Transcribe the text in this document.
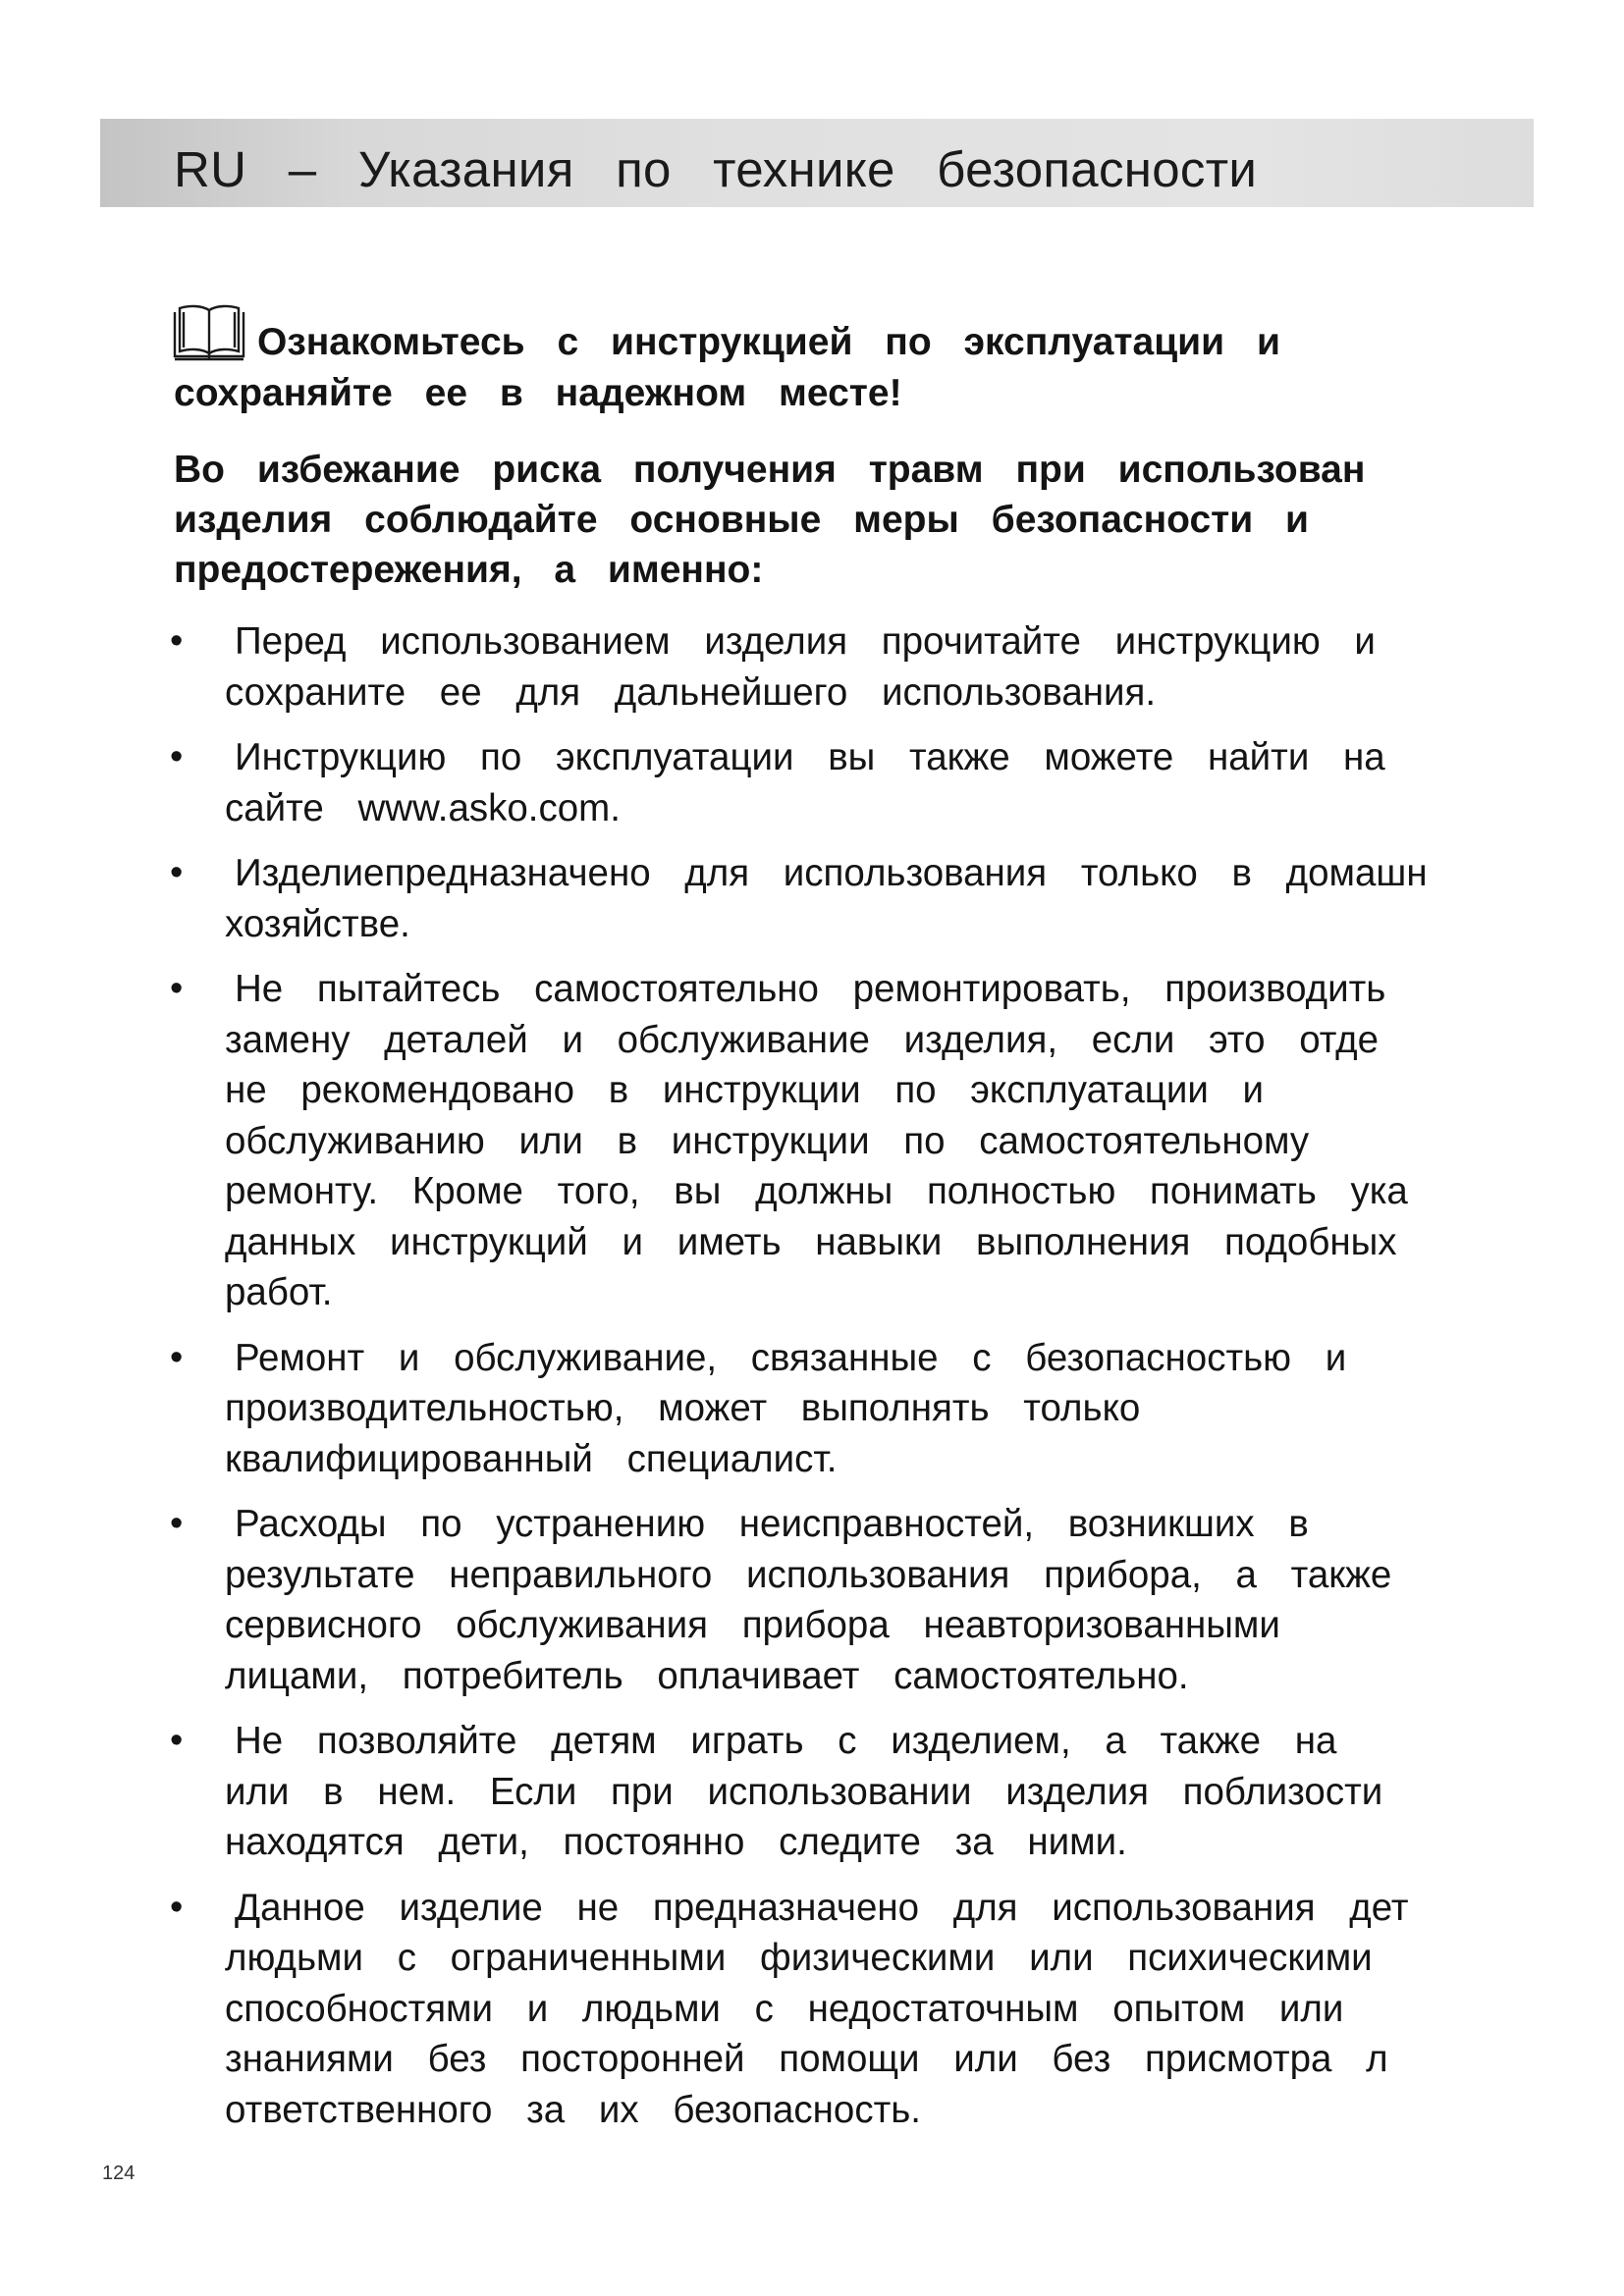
RU – Указания по технике безопасности
Ознакомьтесь с инструкцией по эксплуатации и
сохраняйте ее в надежном месте!
Во избежание риска получения травм при использован
изделия соблюдайте основные меры безопасности и
предостережения, а именно:
• Перед использованием изделия прочитайте инструкцию и
сохраните ее для дальнейшего использования.
• Инструкцию по эксплуатации вы также можете найти на
сайте www.asko.com.
• Изделиепредназначено для использования только в домашн
хозяйстве.
• Не пытайтесь самостоятельно ремонтировать, производить
замену деталей и обслуживание изделия, если это отде
не рекомендовано в инструкции по эксплуатации и
обслуживанию или в инструкции по самостоятельному
ремонту. Кроме того, вы должны полностью понимать ука
данных инструкций и иметь навыки выполнения подобных
работ.
• Ремонт и обслуживание, связанные с безопасностью и
производительностью, может выполнять только
квалифицированный специалист.
• Расходы по устранению неисправностей, возникших в
результате неправильного использования прибора, а также
сервисного обслуживания прибора неавторизованными
лицами, потребитель оплачивает самостоятельно.
• Не позволяйте детям играть с изделием, а также на
или в нем. Если при использовании изделия поблизости
находятся дети, постоянно следите за ними.
• Данное изделие не предназначено для использования дет
людьми с ограниченными физическими или психическими
способностями и людьми с недостаточным опытом или
знаниями без посторонней помощи или без присмотра л
ответственного за их безопасность.
124
